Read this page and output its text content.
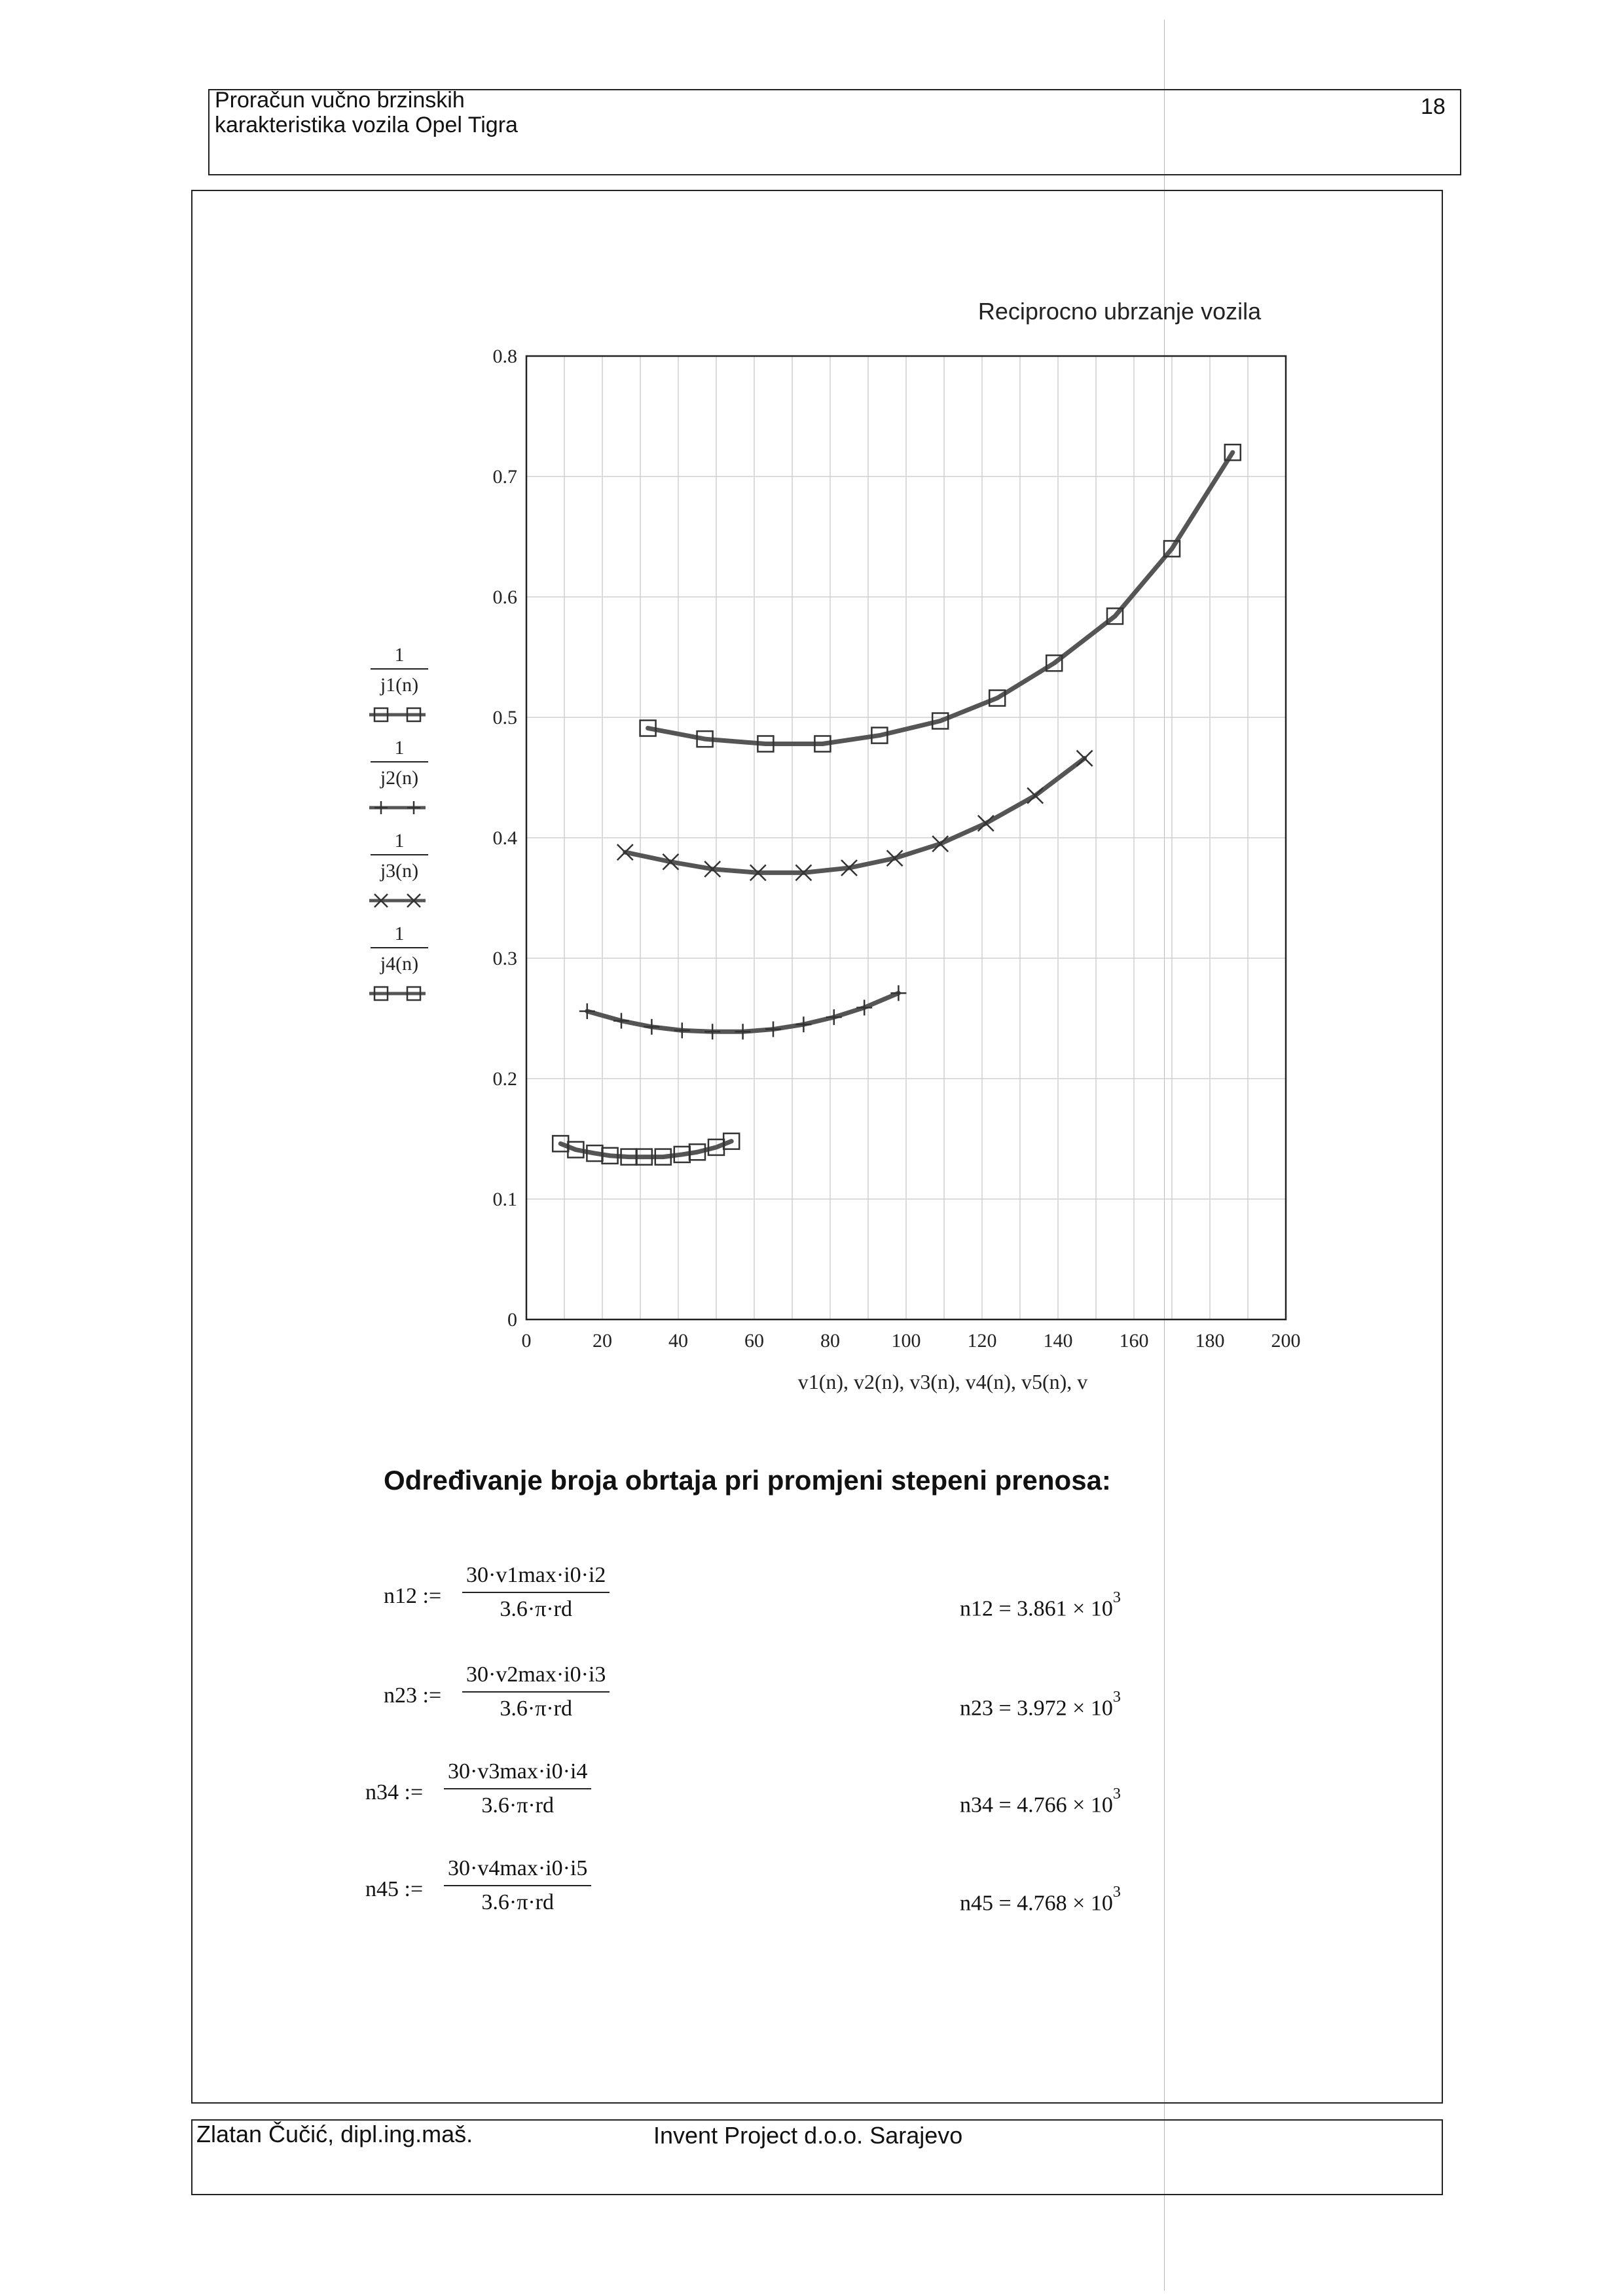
Proračun vučno brzinskih
karakteristika vozila Opel Tigra
18
Reciprocno ubrzanje vozila
0	20	40	60	80	100 120 140 160 180 200
0
0.1
0.2
0.3
0.4
0.5
0.6
0.7
0.8
1
j1(n)
1
j2(n)
1
j3(n)
1
j4(n)
v1(n), v2(n), v3(n), v4(n), v5(n), v
Određivanje broja obrtaja pri promjeni stepeni prenosa:
n12 :=
30·v1max·i0·i2
3.6·π·rd	$n12 = 3.861 \times 10^3$
n23 :=
30·v2max·i0·i3
3.6·π·rd	$n23 = 3.972 \times 10^3$
n34 :=
30·v3max·i0·i4
3.6·π·rd	$n34 = 4.766 \times 10^3$
n45 :=
30·v4max·i0·i5
3.6·π·rd	$n45 = 4.768 \times 10^3$
Zlatan Čučić, dipl.ing.maš.	Invent Project d.o.o. Sarajevo
